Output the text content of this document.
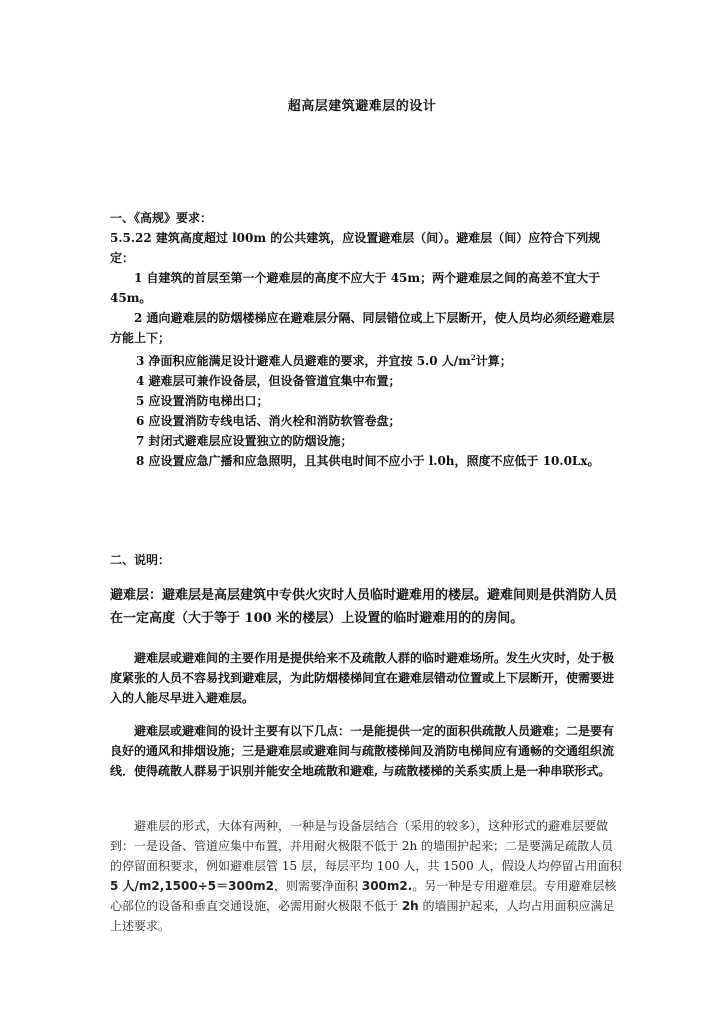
超高层建筑避难层的设计
一、《高规》要求：

5.5.22 建筑高度超过 l00m 的公共建筑，应设置避难层（间）。避难层（间）应符合下列规定：

1 自建筑的首层至第一个避难层的高度不应大于 45m；两个避难层之间的高差不宜大于 45m。

2 通向避难层的防烟楼梯应在避难层分隔、同层错位或上下层断开，使人员均必须经避难层方能上下；

3 净面积应能满足设计避难人员避难的要求，并宜按 5.0 人$/m^2$计算；
4 避难层可兼作设备层，但设备管道宜集中布置；
5 应设置消防电梯出口；
6 应设置消防专线电话、消火栓和消防软管卷盘；
7 封闭式避难层应设置独立的防烟设施；
8 应设置应急广播和应急照明，且其供电时间不应小于 l.0h，照度不应低于 10.0Lx。
二、说明：

避难层：避难层是高层建筑中专供火灾时人员临时避难用的楼层。避难间则是供消防人员在一定高度（大于等于 100 米的楼层）上设置的临时避难用的的房间。

避难层或避难间的主要作用是提供给来不及疏散人群的临时避难场所。发生火灾时，处于极度紧张的人员不容易找到避难层，为此防烟楼梯间宜在避难层错动位置或上下层断开，使需要进入的人能尽早进入避难层。

避难层或避难间的设计主要有以下几点：一是能提供一定的面积供疏散人员避难；二是要有良好的通风和排烟设施；三是避难层或避难间与疏散楼梯间及消防电梯间应有通畅的交通组织流线．使得疏散人群易于识别并能安全地疏散和避难, 与疏散楼梯的关系实质上是一种串联形式。

避难层的形式，大体有两种，一种是与设备层结合（采用的较多），这种形式的避难层要做到：一是设备、管道应集中布置，并用耐火极限不低于 2h 的墙围护起来；二是要满足疏散人员的停留面积要求，例如避难层管 15 层，每层平均 100 人，共 1500 人，假设人均停留占用面积 5 人/m2,1500÷5＝300m2，则需要净面积 300m2.。另一种是专用避难层。专用避难层核心部位的设备和垂直交通设施，必需用耐火极限不低于 2h 的墙围护起来，人均占用面积应满足上述要求。
